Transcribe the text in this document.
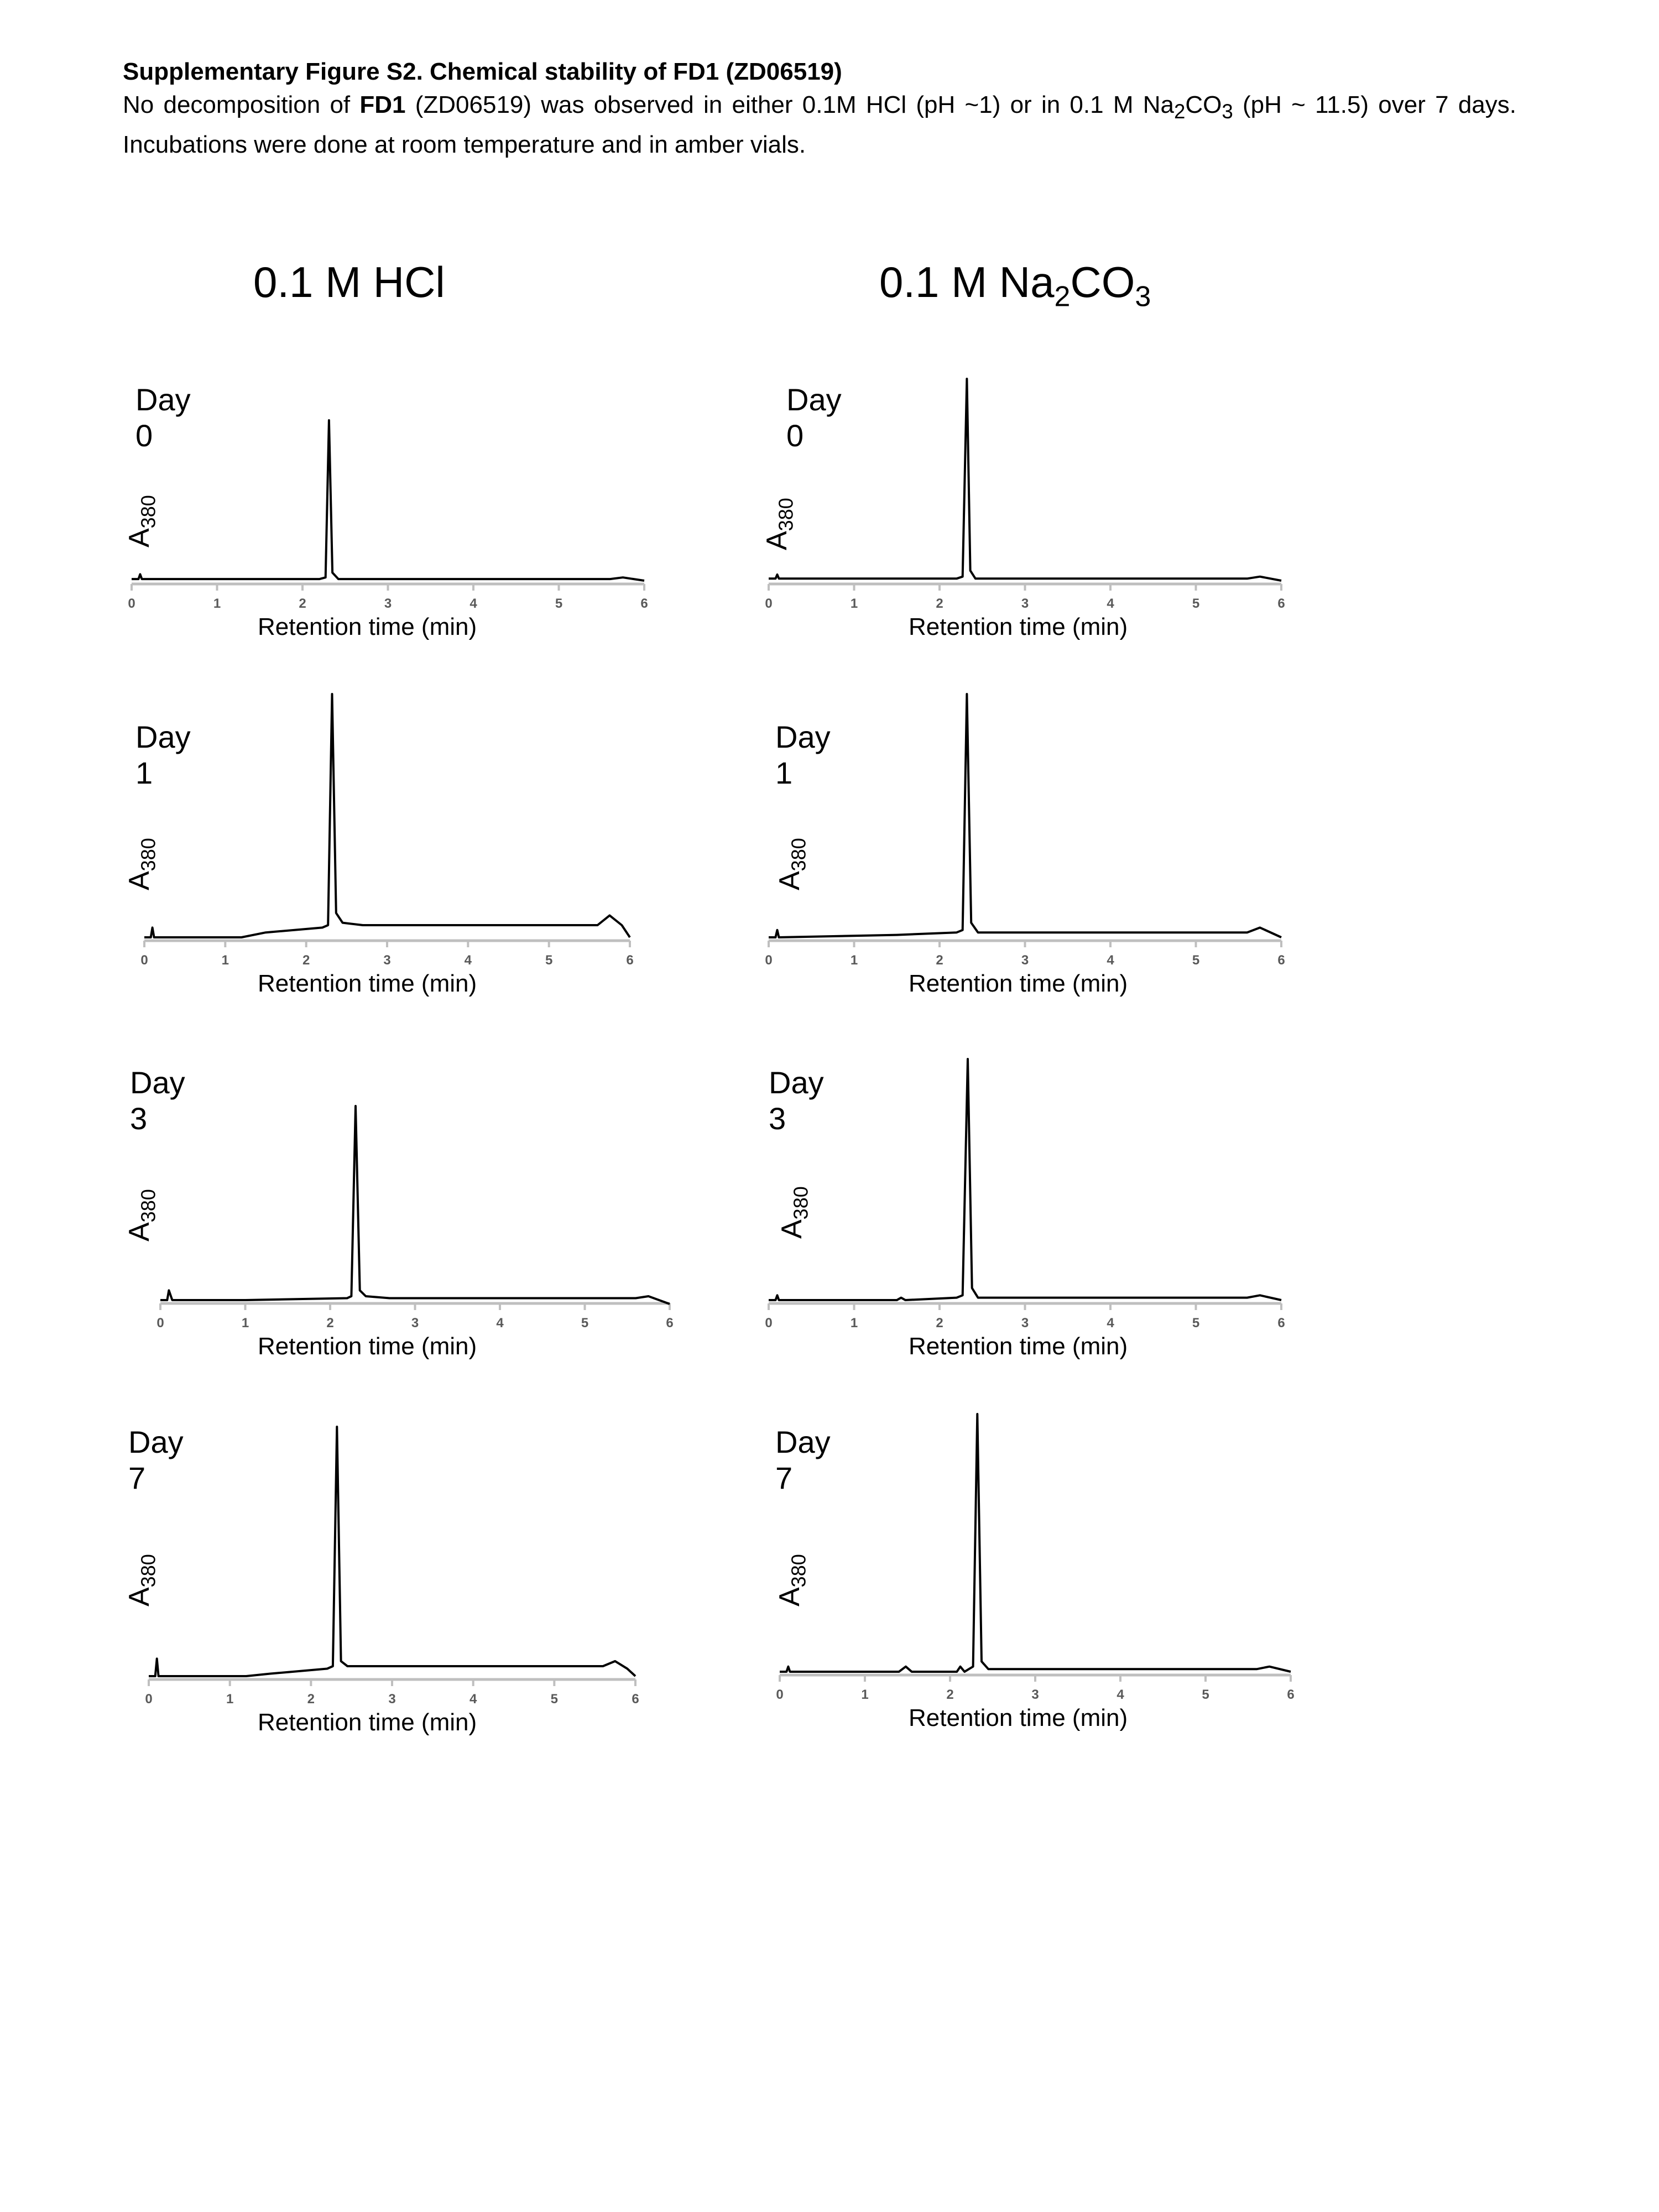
Supplementary Figure S2. Chemical stability of FD1 (ZD06519)
No decomposition of FD1 (ZD06519) was observed in either 0.1M HCl (pH ~1) or in 0.1 M $Na_2CO_3$ (pH ~ 11.5) over 7 days. Incubations were done at room temperature and in amber vials.
0.1 M HCl	0.1 M $Na_2CO_3$
Day 0
$A_{380}$
0	1	2	3	4	5	6
Retention time (min)
Day 0
$A_{380}$
0	1	2	3	4	5	6
Retention time (min)
Day 1
$A_{380}$
0	1	2	3	4	5	6
Retention time (min)
Day 1
$A_{380}$
0	1	2	3	4	5	6
Retention time (min)
Day 3
$A_{380}$
0	1	2	3	4	5	6
Retention time (min)
Day 3
$A_{380}$
0	1	2	3	4	5	6
Retention time (min)
Day 7
$A_{380}$
0	1	2	3	4	5	6
Retention time (min)
Day 7
$A_{380}$
0	1	2	3	4	5	6
Retention time (min)
